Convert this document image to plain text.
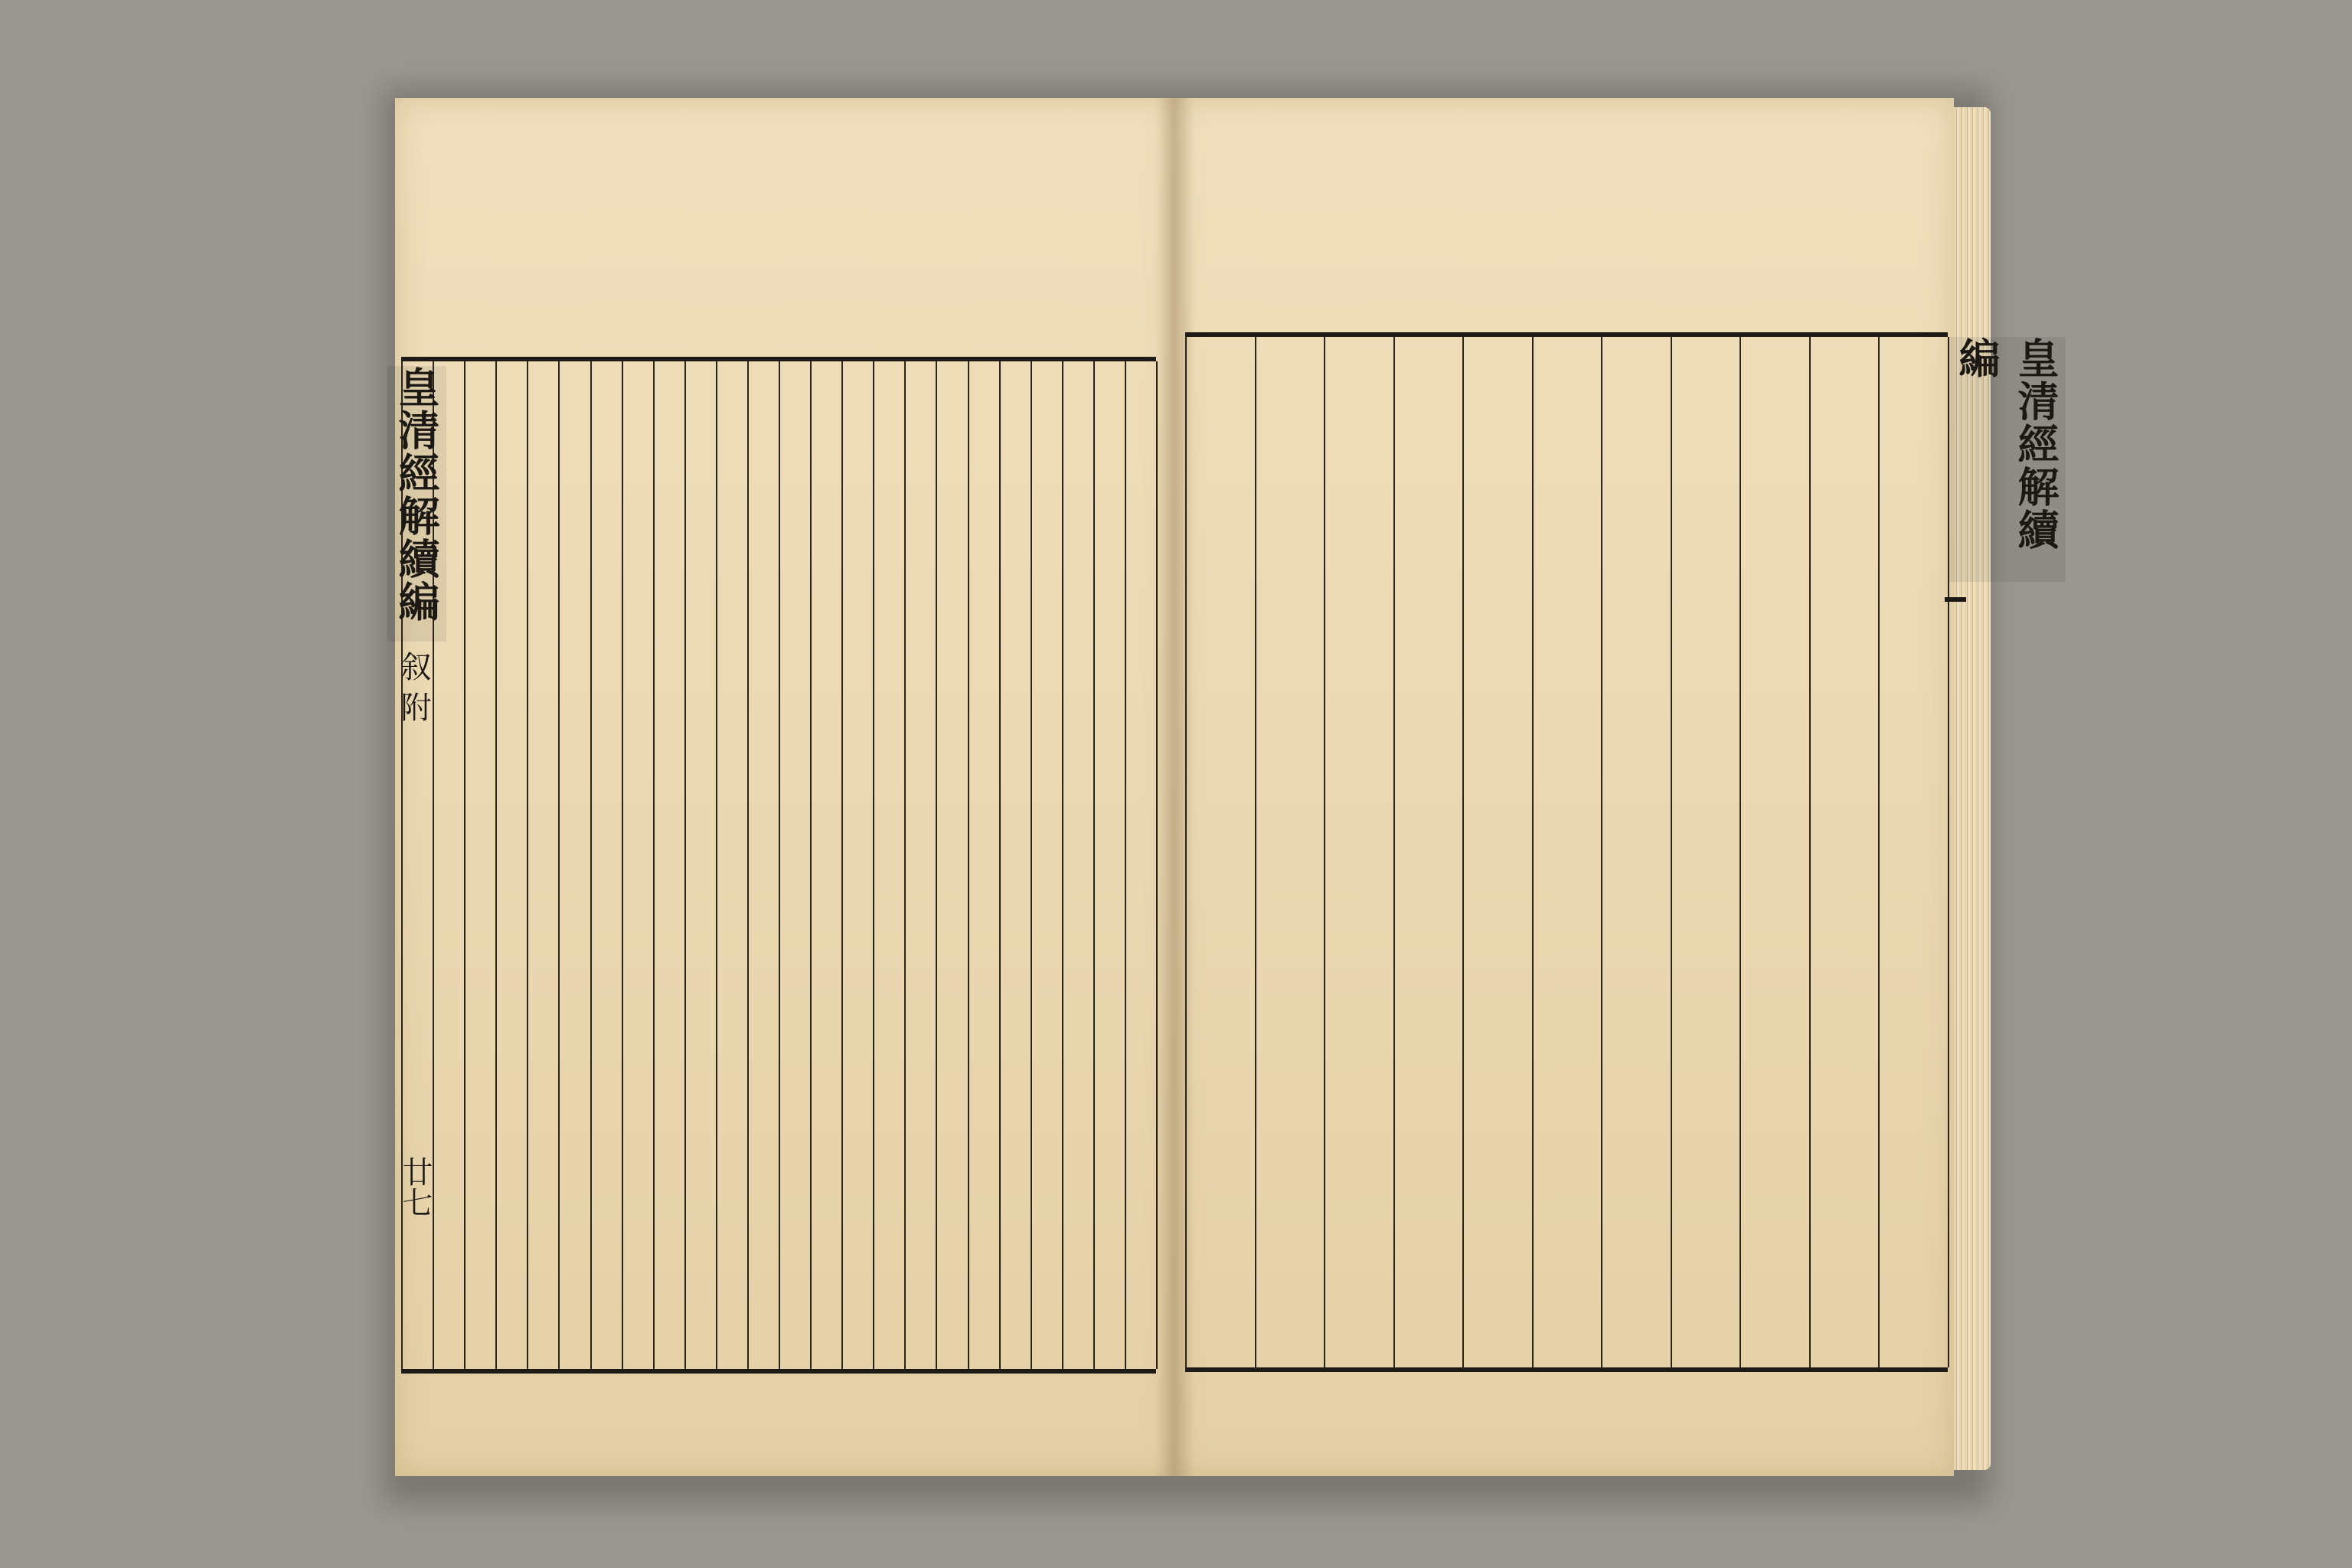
皇清經解續編
叙 附
廿七
皇清經解續編
